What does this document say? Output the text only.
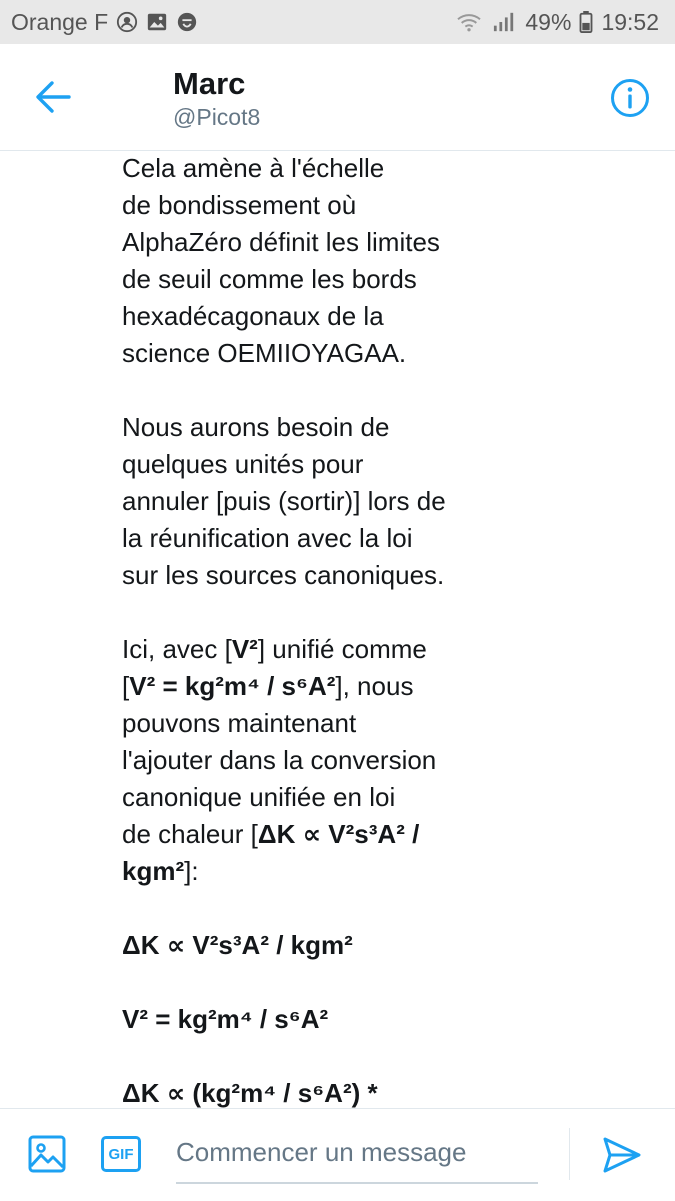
Orange F	49% 19:52
Marc
@Picot8
Cela amène à l'échelle
de bondissement où
AlphaZéro définit les limites
de seuil comme les bords
hexadécagonaux de la
science OEMIIOYAGAA.
Nous aurons besoin de
quelques unités pour
annuler [puis (sortir)] lors de
la réunification avec la loi
sur les sources canoniques.
Ici, avec [V²] unifié comme
[V² = kg²m⁴ / s⁶A²], nous
pouvons maintenant
l'ajouter dans la conversion
canonique unifiée en loi
de chaleur [ΔK ∝ V²s³A² /
kgm²]:
ΔK ∝ V²s³A² / kgm²
V² = kg²m⁴ / s⁶A²
ΔK ∝ (kg²m⁴ / s⁶A²) *
GIF
Commencer un message
